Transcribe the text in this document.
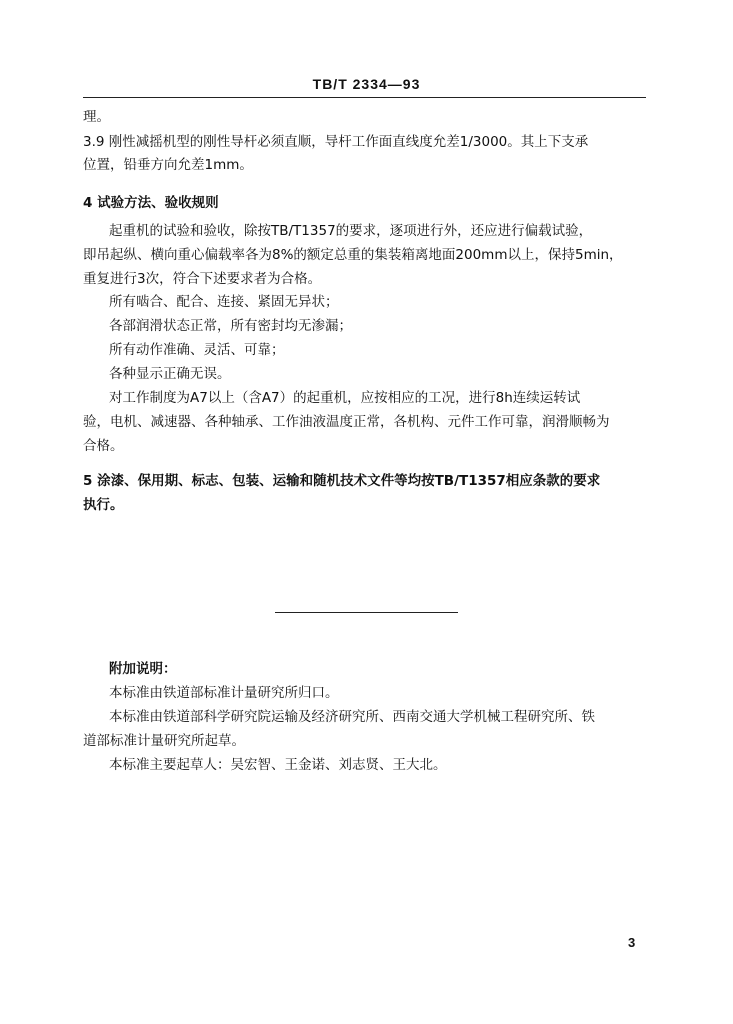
TB/T 2334—93
理。
3.9 刚性减摇机型的刚性导杆必须直顺，导杆工作面直线度允差1/3000。其上下支承
位置，铅垂方向允差1mm。
4 试验方法、验收规则
起重机的试验和验收，除按TB/T1357的要求，逐项进行外，还应进行偏载试验，
即吊起纵、横向重心偏载率各为8%的额定总重的集装箱离地面200mm以上，保持5min，
重复进行3次，符合下述要求者为合格。
所有啮合、配合、连接、紧固无异状；
各部润滑状态正常，所有密封均无渗漏；
所有动作准确、灵活、可靠；
各种显示正确无误。
对工作制度为A7以上（含A7）的起重机，应按相应的工况，进行8h连续运转试
验，电机、减速器、各种轴承、工作油液温度正常，各机构、元件工作可靠，润滑顺畅为
合格。
5 涂漆、保用期、标志、包装、运输和随机技术文件等均按TB/T1357相应条款的要求
执行。
附加说明：
本标准由铁道部标准计量研究所归口。
本标准由铁道部科学研究院运输及经济研究所、西南交通大学机械工程研究所、铁
道部标准计量研究所起草。
本标准主要起草人：吴宏智、王金诺、刘志贤、王大北。
3
